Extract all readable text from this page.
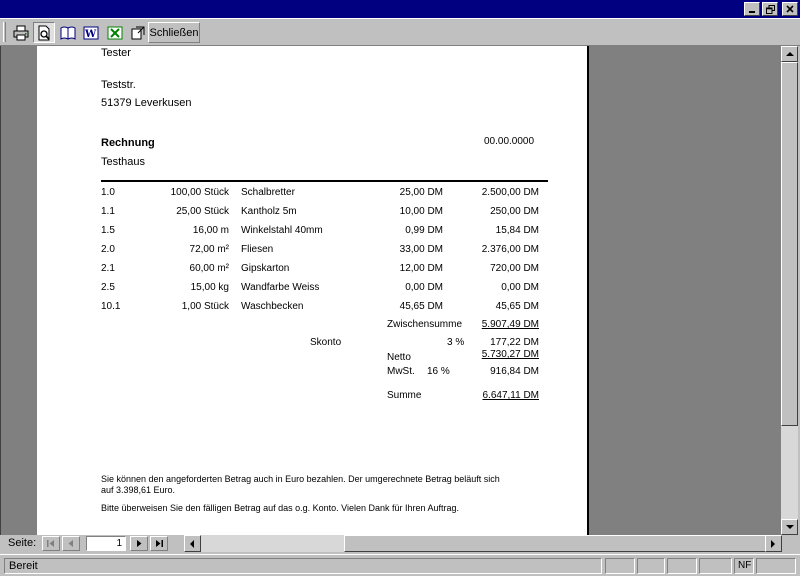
W	Schließen
Tester
Teststr.
51379 Leverkusen
Rechnung	00.00.0000
Testhaus
1.0	100,00 Stück Schalbretter	25,00 DM	2.500,00 DM
1.1	25,00 Stück Kantholz 5m	10,00 DM	250,00 DM
1.5	16,00 m Winkelstahl 40mm	0,99 DM	15,84 DM
2.0	72,00 m² Fliesen	33,00 DM	2.376,00 DM
2.1	60,00 m² Gipskarton	12,00 DM	720,00 DM
2.5	15,00 kg Wandfarbe Weiss	0,00 DM	0,00 DM
10.1	1,00 Stück Waschbecken	45,65 DM	45,65 DM
Zwischensumme	5.907,49 DM
Skonto	3 %	177,22 DM
Netto	5.730,27 DM
MwSt. 16 %	916,84 DM
Summe	6.647,11 DM
Sie können den angeforderten Betrag auch in Euro bezahlen. Der umgerechnete Betrag beläuft sich
auf 3.398,61 Euro.
Bitte überweisen Sie den fälligen Betrag auf das o.g. Konto. Vielen Dank für Ihren Auftrag.
Seite:	1
Bereit	NF
